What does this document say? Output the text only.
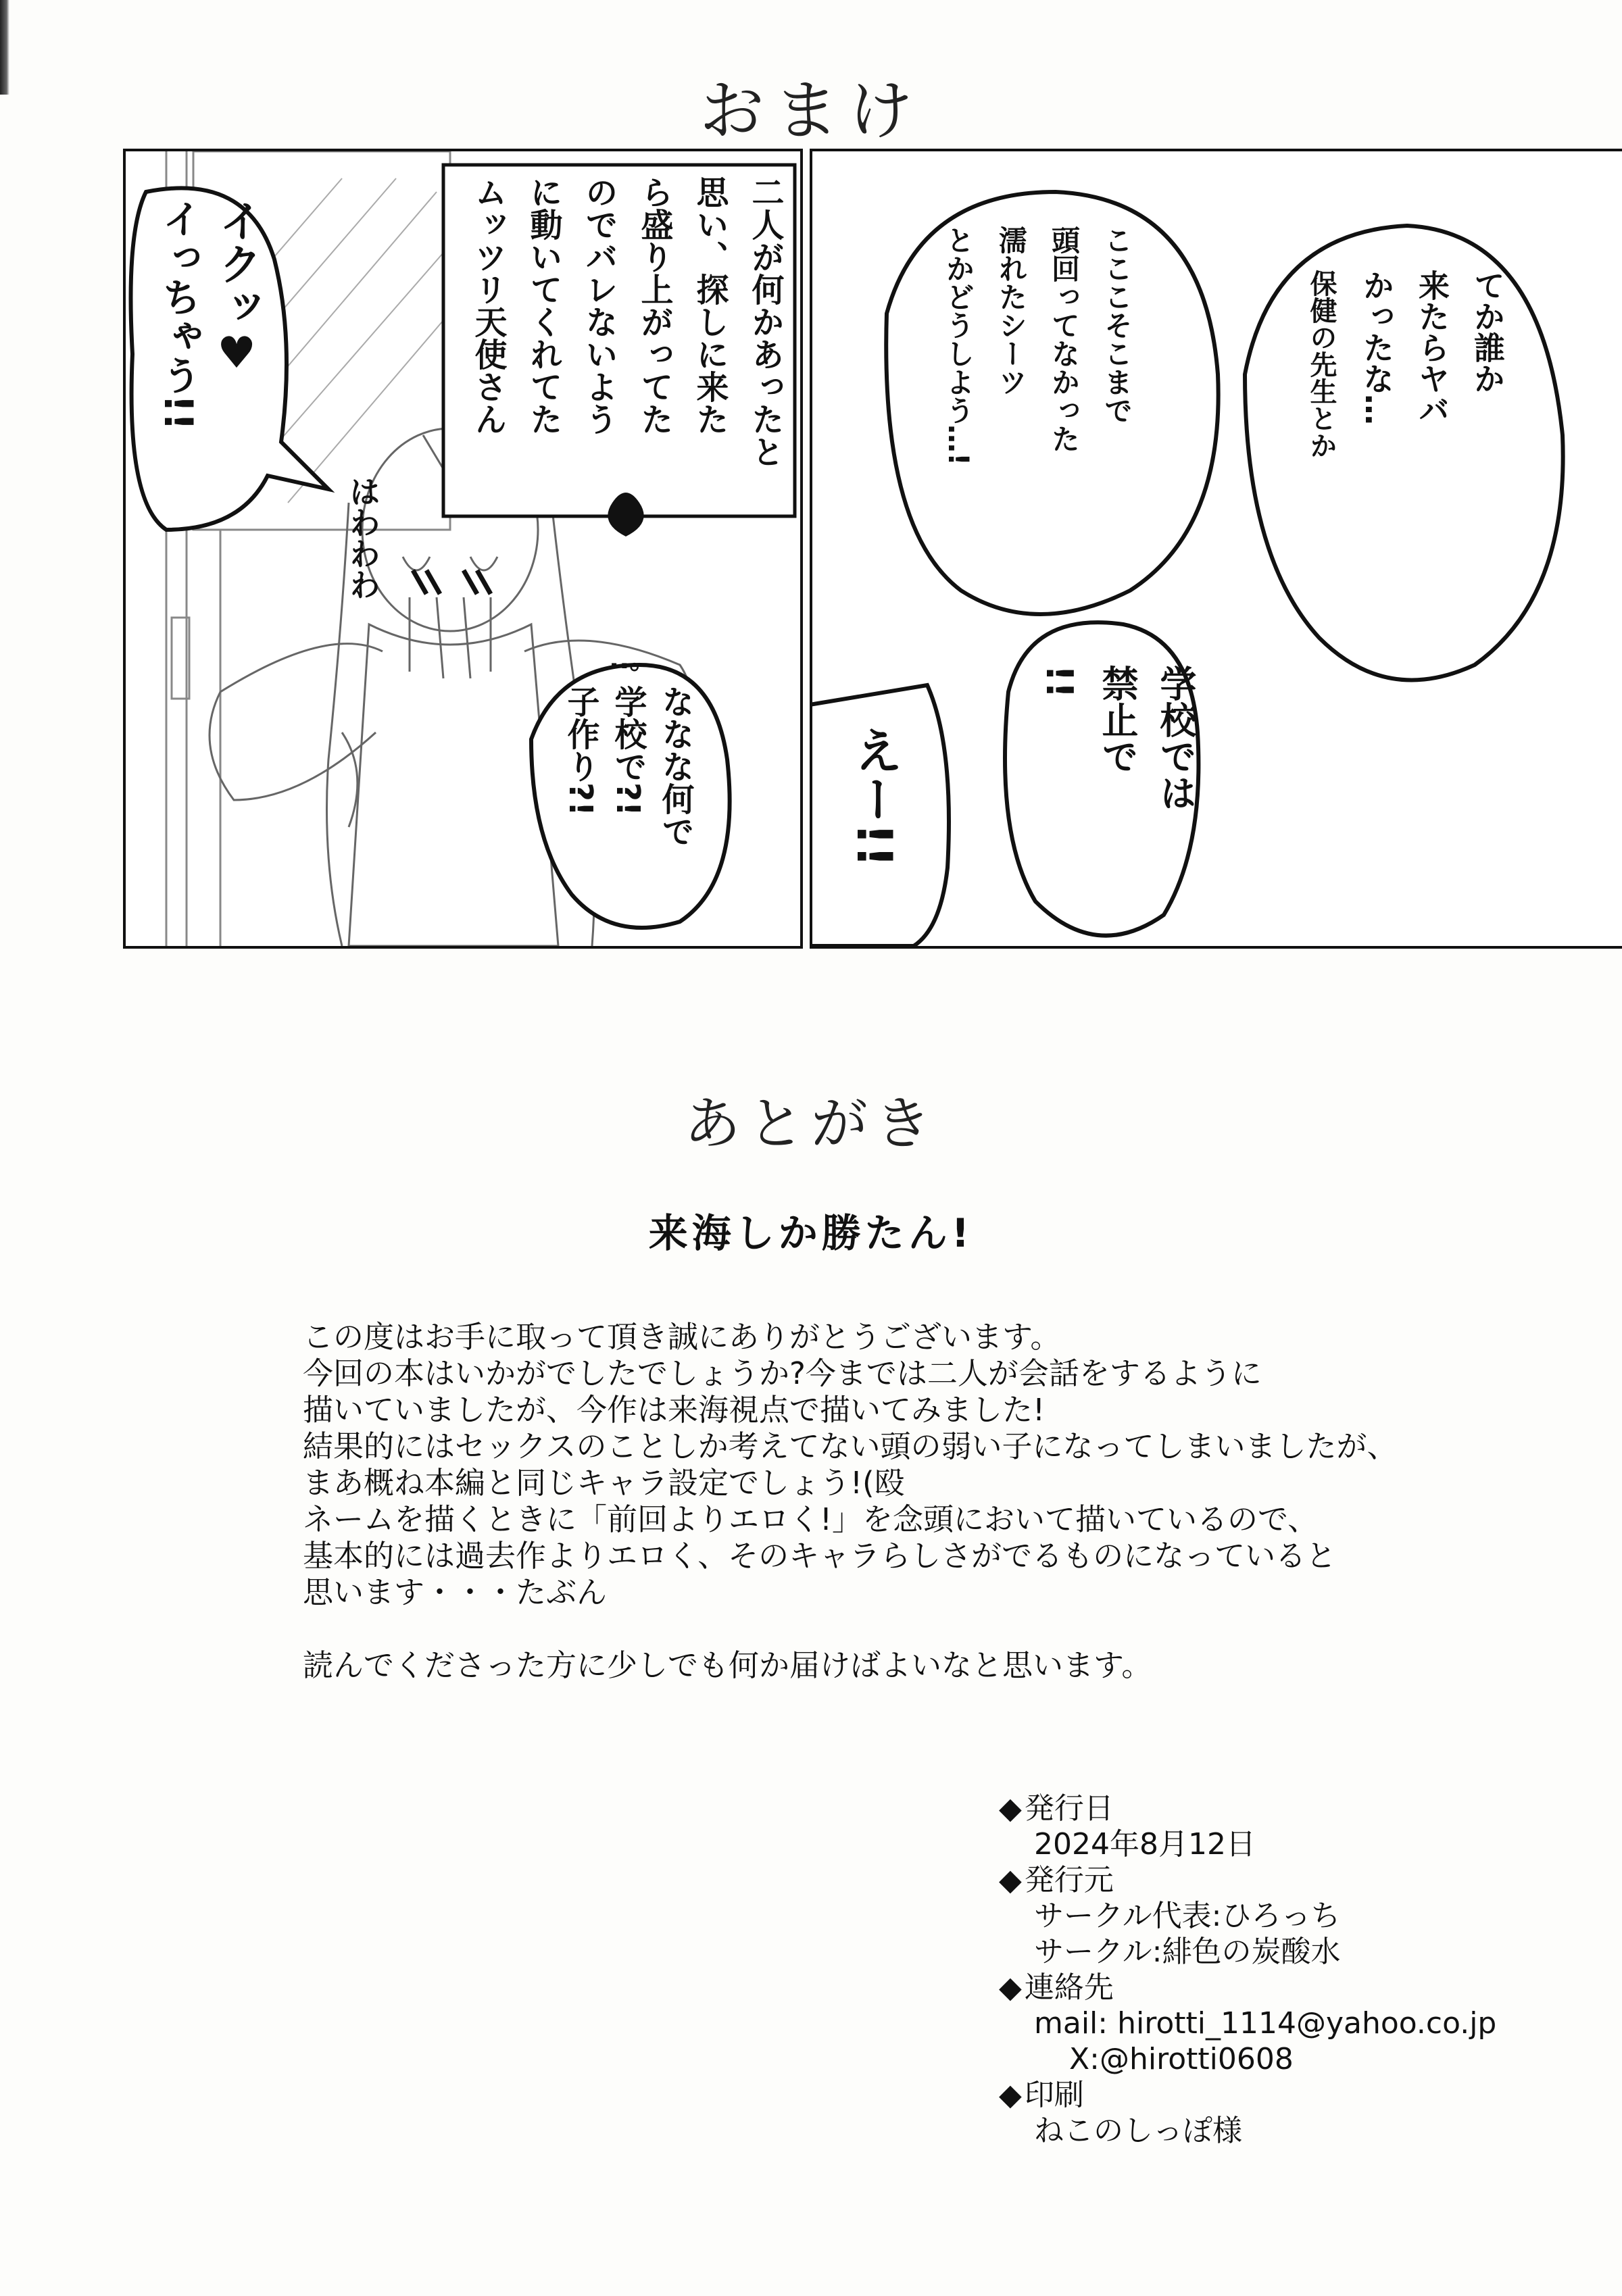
おまけ
二人が何かあったと
思い、探しに来た
ら盛り上がってた
のでバレないよう
に動いてくれてた
ムッツリ天使さん
イクッ♥
イっちゃう!!
はわわわ
..。
ななな何で
学校で?!
子作り?!
こここそこまで
頭回ってなかった
濡れたシーツ
とかどうしよう…!	てか誰か
来たらヤバ
かったな…
保健の先生とか
えー!!	学校では
禁止で
!!
あとがき
来海しか勝たん!
この度はお手に取って頂き誠にありがとうございます。
今回の本はいかがでしたでしょうか?今までは二人が会話をするように
描いていましたが、今作は来海視点で描いてみました!
結果的にはセックスのことしか考えてない頭の弱い子になってしまいましたが、
まあ概ね本編と同じキャラ設定でしょう!(殴
ネームを描くときに「前回よりエロく!」を念頭において描いているので、
基本的には過去作よりエロく、そのキャラらしさがでるものになっていると
思います・・・たぶん
読んでくださった方に少しでも何か届けばよいなと思います。
◆ 発行日
2024年8月12日
◆ 発行元
サークル代表:ひろっち
サークル:緋色の炭酸水
◆ 連絡先
mail: hirotti_1114@yahoo.co.jp
X:@hirotti0608
◆ 印刷
ねこのしっぽ様
